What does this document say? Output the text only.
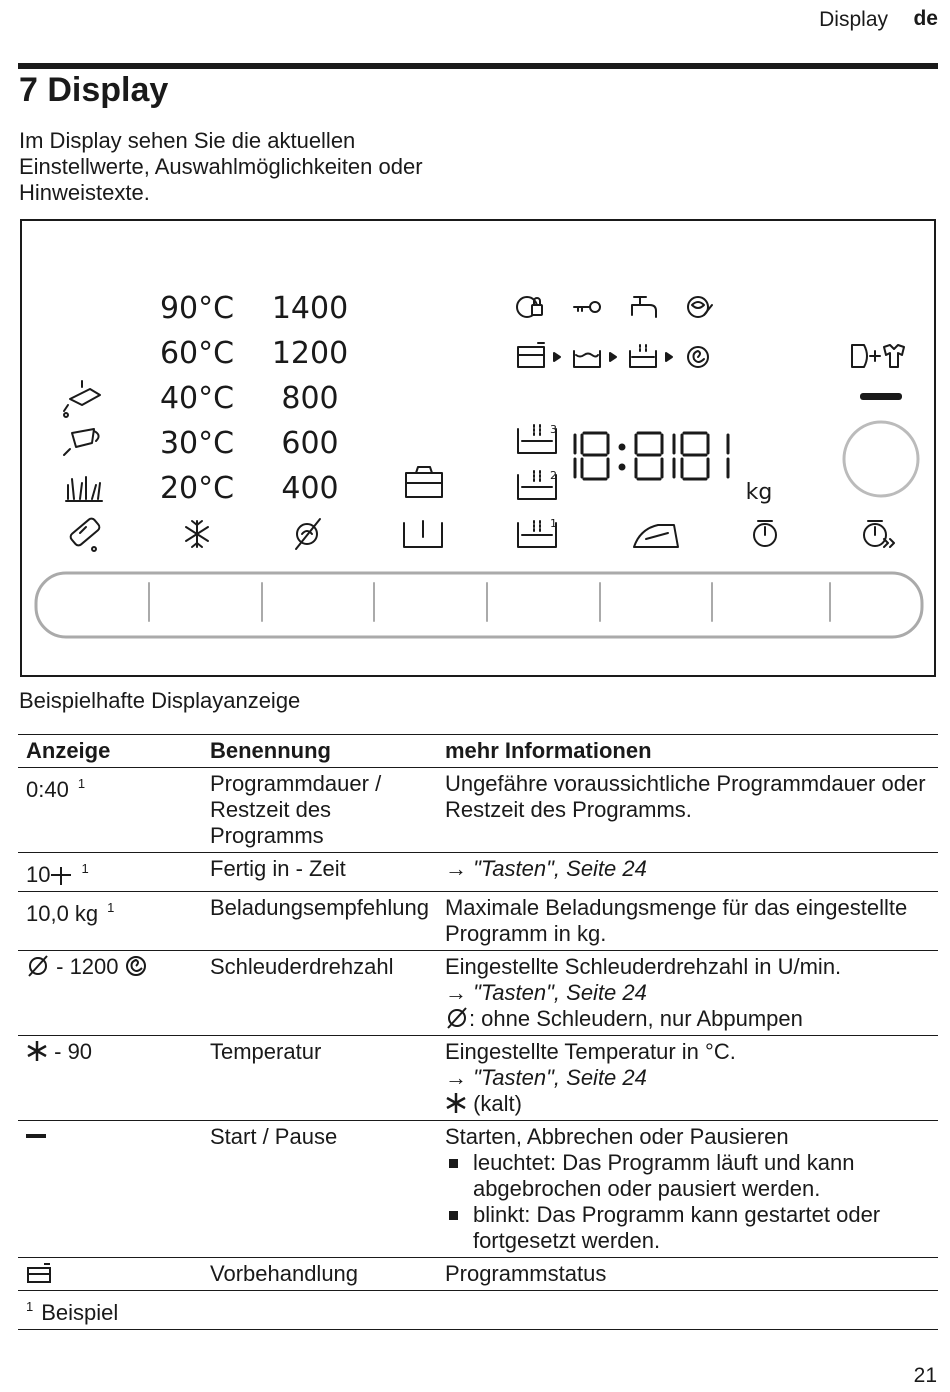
Display de
7 Display

Im Display sehen Sie die aktuellen Einstellwerte, Auswahlmöglichkeiten oder Hinweistexte.

90°C
60°C
40°C
30°C
20°C
1400
1200
800
600
400	kg
1
3
2

Beispielhafte Displayanzeige

Anzeige	Benennung	mehr Informationen
0:40 $^1$	Programmdauer / Restzeit des Programms	Ungefähre voraussichtliche Programmdauer oder Restzeit des Programms.
10 $^1$	Fertig in - Zeit	→ "Tasten", Seite 24
10,0 kg $^1$	Beladungsempfehlung	Maximale Beladungsmenge für das eingestellte Programm in kg.
- 1200	Schleuderdrehzahl	Eingestellte Schleuderdrehzahl in U/min.
→ "Tasten", Seite 24
: ohne Schleudern, nur Abpumpen

- 90	Temperatur	Eingestellte Temperatur in °C.
→ "Tasten", Seite 24
(kalt)

	Start / Pause	Starten, Abbrechen oder Pausieren
leuchtet: Das Programm läuft und kann abgebrochen oder pausiert werden.
blinkt: Das Programm kann gestartet oder fortgesetzt werden.

	Vorbehandlung	Programmstatus
$^1$ Beispiel		
21
